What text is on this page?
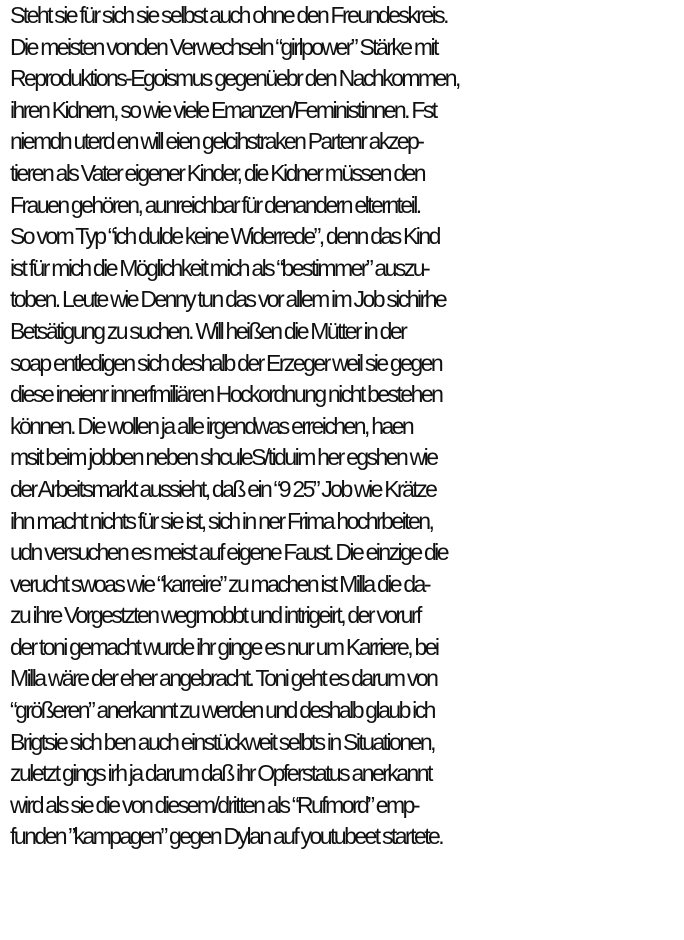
Steht sie für sich sie selbst auch ohne den Freundeskreis.
Die meisten vonden Verwechseln “girlpower” Stärke mit
Reproduktions-Egoismus gegenüebr den Nachkommen,
ihren Kidnern, so wie viele Emanzen/Feministinnen. Fst
niemdn uterd en will eien gelcihstraken Partenr akzep-
tieren als Vater eigener Kinder, die Kidner müssen den
Frauen gehören, aunreichbar für denandern elternteil.
So vom Typ “ich dulde keine Widerrede”, denn das Kind
ist für mich die Möglichkeit mich als “bestimmer” auszu-
toben. Leute wie Denny tun das vor allem im Job sichirhe
Betsätigung zu suchen. Will heißen die Mütter in der
soap entledigen sich deshalb der Erzeger weil sie gegen
diese ineienr innerfmiliären Hockordnung nicht bestehen
können. Die wollen ja alle irgendwas erreichen, haen
msit beim jobben neben shculeS/tiduim her egshen wie
der Arbeitsmarkt aussieht, daß ein “9 25” Job wie Krätze
ihn macht nichts für sie ist, sich in ner Frima hochrbeiten,
udn versuchen es meist auf eigene Faust. Die einzige die
verucht swoas wie “karreire” zu machen ist Milla die da-
zu ihre Vorgestzten wegmobbt und intrigeirt, der vorurf
der toni gemacht wurde ihr ginge es nur um Karriere, bei
Milla wäre der eher angebracht. Toni geht es darum von
“größeren” anerkannt zu werden und deshalb glaub ich
Brigtsie sich ben auch einstückweit selbts in Situationen,
zuletzt gings irh ja darum daß ihr Opferstatus anerkannt
wird als sie die von diesem/dritten als “Rufmord” emp-
funden ”kampagen” gegen Dylan auf youtubeet startete.
